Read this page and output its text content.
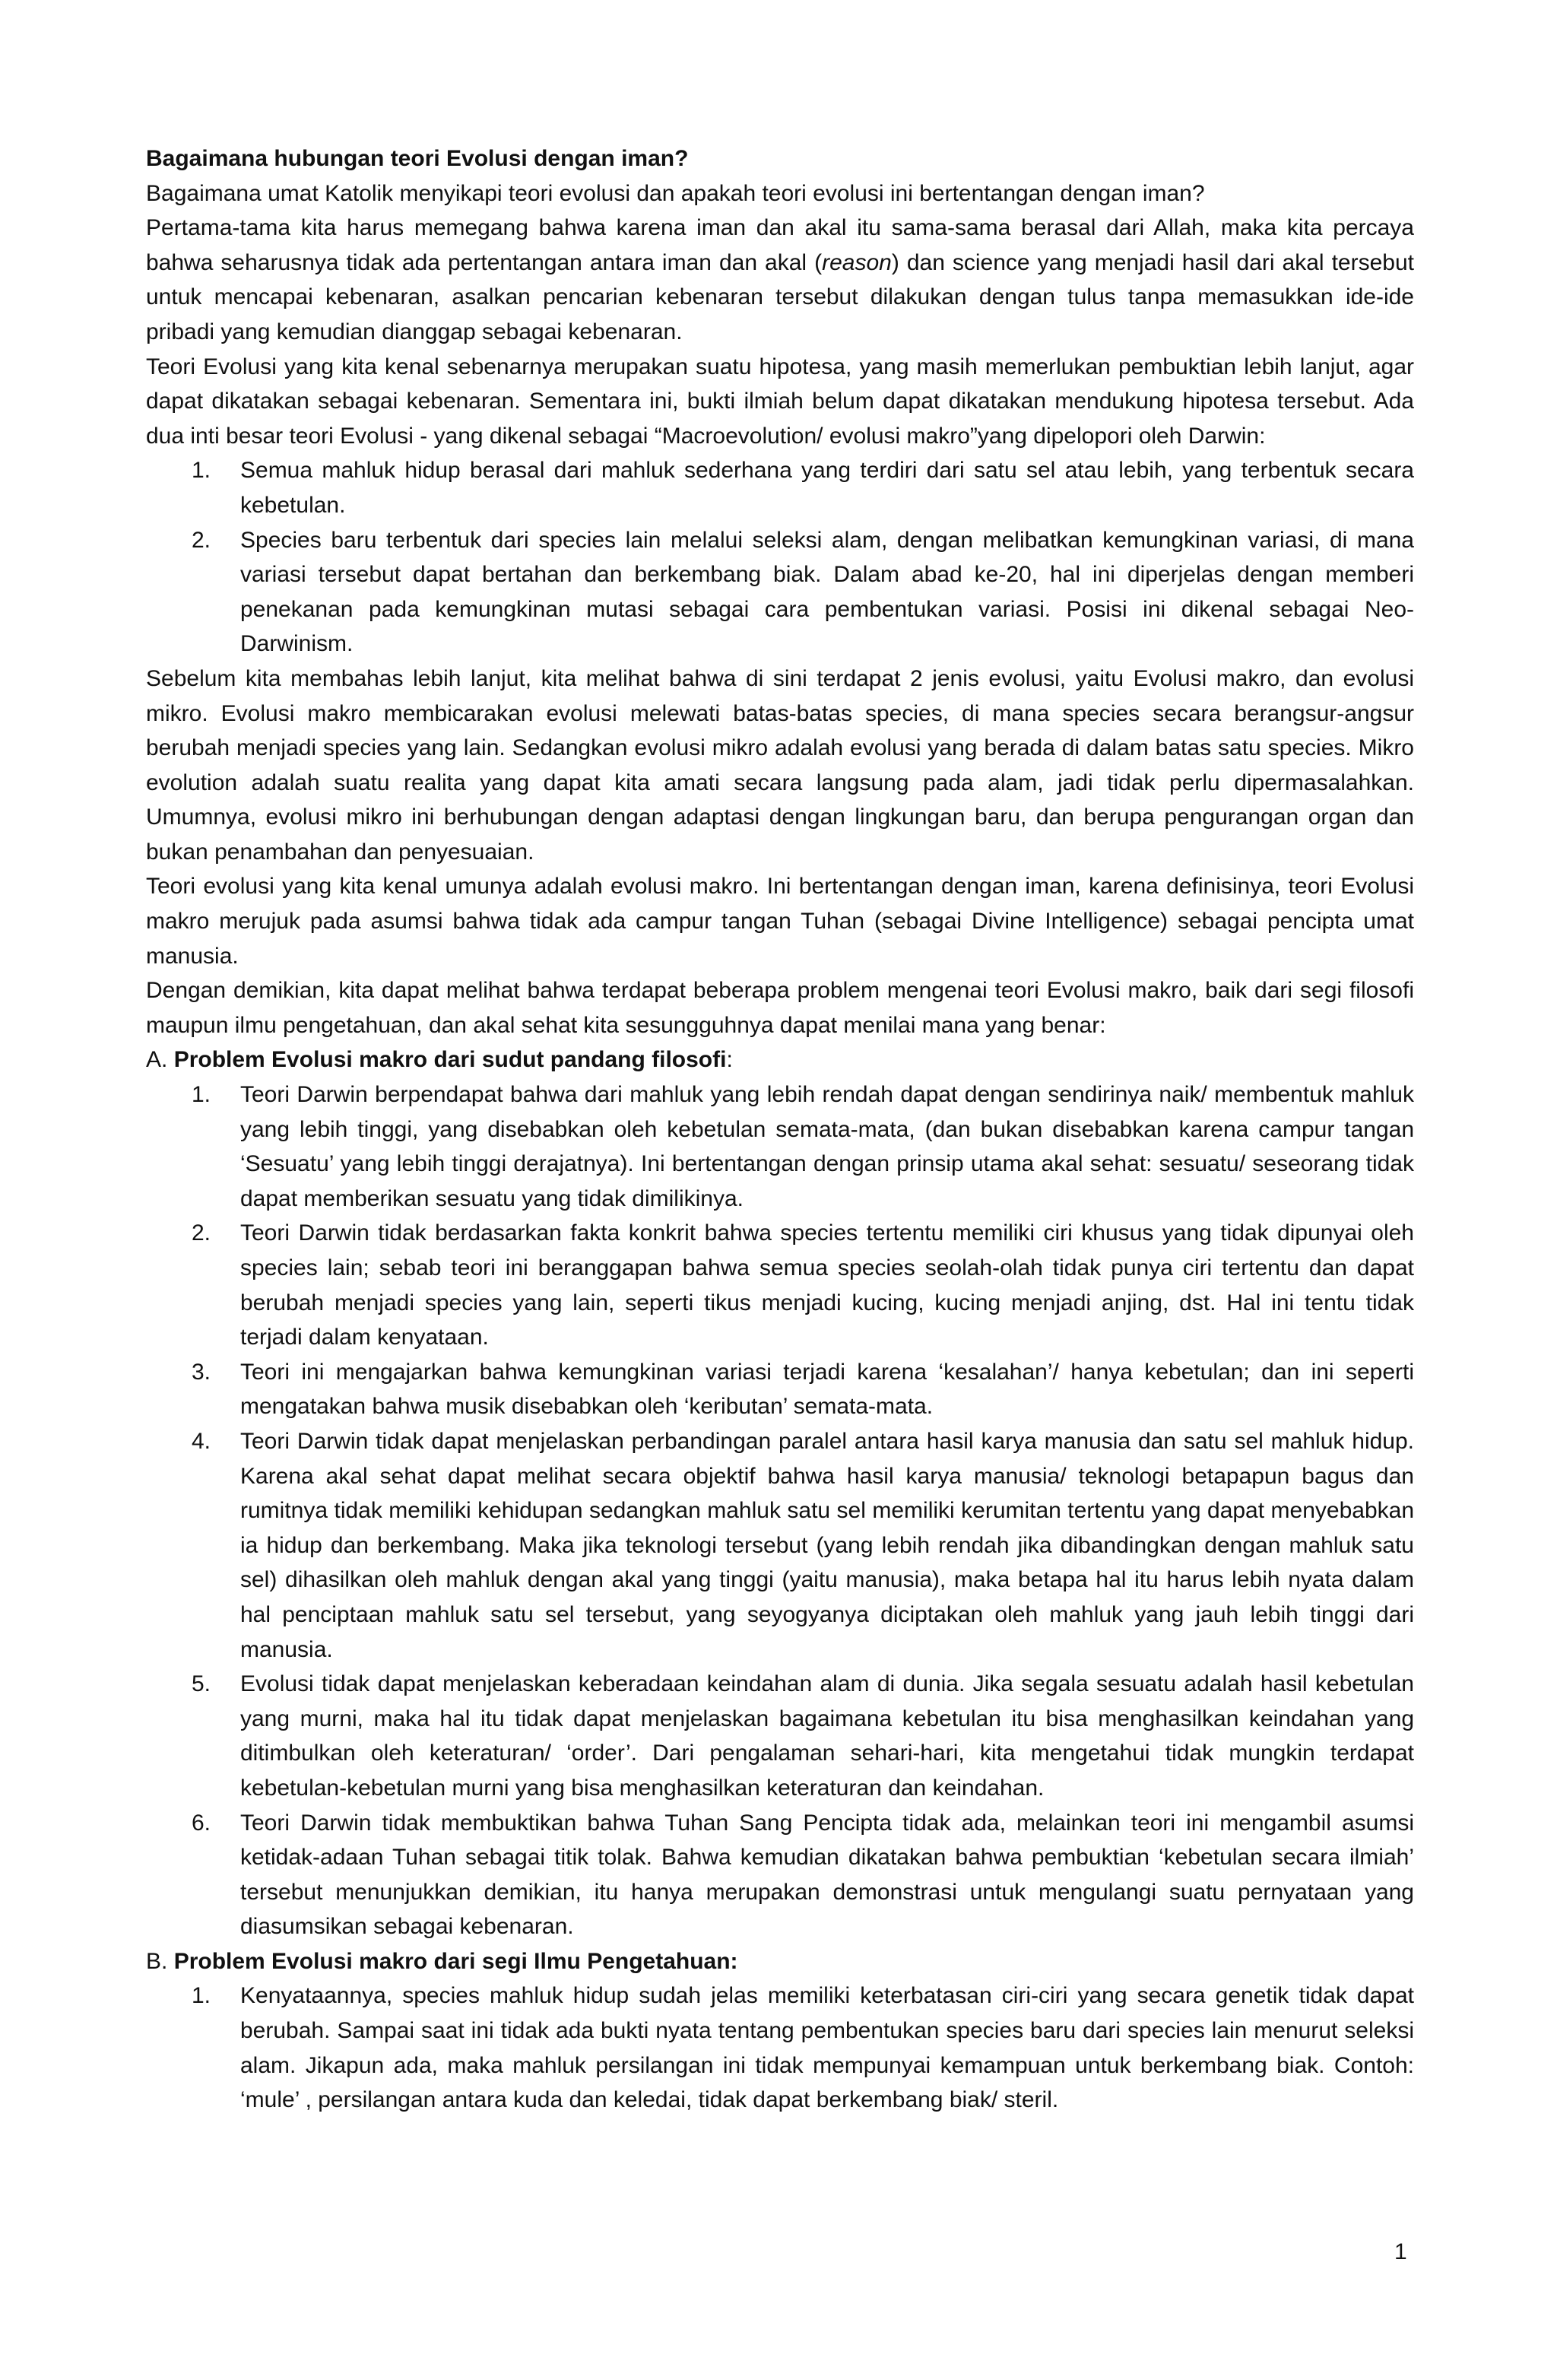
Bagaimana hubungan teori Evolusi dengan iman?

Bagaimana umat Katolik menyikapi teori evolusi dan apakah teori evolusi ini bertentangan dengan iman?

Pertama-tama kita harus memegang bahwa karena iman dan akal itu sama-sama berasal dari Allah, maka kita percaya bahwa seharusnya tidak ada pertentangan antara iman dan akal (reason) dan science yang menjadi hasil dari akal tersebut untuk mencapai kebenaran, asalkan pencarian kebenaran tersebut dilakukan dengan tulus tanpa memasukkan ide-ide pribadi yang kemudian dianggap sebagai kebenaran.

Teori Evolusi yang kita kenal sebenarnya merupakan suatu hipotesa, yang masih memerlukan pembuktian lebih lanjut, agar dapat dikatakan sebagai kebenaran. Sementara ini, bukti ilmiah belum dapat dikatakan mendukung hipotesa tersebut. Ada dua inti besar teori Evolusi - yang dikenal sebagai “Macroevolution/ evolusi makro”yang dipelopori oleh Darwin:

1. Semua mahluk hidup berasal dari mahluk sederhana yang terdiri dari satu sel atau lebih, yang terbentuk secara kebetulan.
2. Species baru terbentuk dari species lain melalui seleksi alam, dengan melibatkan kemungkinan variasi, di mana variasi tersebut dapat bertahan dan berkembang biak. Dalam abad ke-20, hal ini diperjelas dengan memberi penekanan pada kemungkinan mutasi sebagai cara pembentukan variasi. Posisi ini dikenal sebagai Neo- Darwinism.

Sebelum kita membahas lebih lanjut, kita melihat bahwa di sini terdapat 2 jenis evolusi, yaitu Evolusi makro, dan evolusi mikro. Evolusi makro membicarakan evolusi melewati batas-batas species, di mana species secara berangsur-angsur berubah menjadi species yang lain. Sedangkan evolusi mikro adalah evolusi yang berada di dalam batas satu species. Mikro evolution adalah suatu realita yang dapat kita amati secara langsung pada alam, jadi tidak perlu dipermasalahkan. Umumnya, evolusi mikro ini berhubungan dengan adaptasi dengan lingkungan baru, dan berupa pengurangan organ dan bukan penambahan dan penyesuaian.

Teori evolusi yang kita kenal umunya adalah evolusi makro. Ini bertentangan dengan iman, karena definisinya, teori Evolusi makro merujuk pada asumsi bahwa tidak ada campur tangan Tuhan (sebagai Divine Intelligence) sebagai pencipta umat manusia.

Dengan demikian, kita dapat melihat bahwa terdapat beberapa problem mengenai teori Evolusi makro, baik dari segi filosofi maupun ilmu pengetahuan, dan akal sehat kita sesungguhnya dapat menilai mana yang benar:

A. Problem Evolusi makro dari sudut pandang filosofi:

1. Teori Darwin berpendapat bahwa dari mahluk yang lebih rendah dapat dengan sendirinya naik/ membentuk mahluk yang lebih tinggi, yang disebabkan oleh kebetulan semata-mata, (dan bukan disebabkan karena campur tangan ‘Sesuatu’ yang lebih tinggi derajatnya). Ini bertentangan dengan prinsip utama akal sehat: sesuatu/ seseorang tidak dapat memberikan sesuatu yang tidak dimilikinya.
2. Teori Darwin tidak berdasarkan fakta konkrit bahwa species tertentu memiliki ciri khusus yang tidak dipunyai oleh species lain; sebab teori ini beranggapan bahwa semua species seolah-olah tidak punya ciri tertentu dan dapat berubah menjadi species yang lain, seperti tikus menjadi kucing, kucing menjadi anjing, dst. Hal ini tentu tidak terjadi dalam kenyataan.
3. Teori ini mengajarkan bahwa kemungkinan variasi terjadi karena ‘kesalahan’/ hanya kebetulan; dan ini seperti mengatakan bahwa musik disebabkan oleh ‘keributan’ semata-mata.
4. Teori Darwin tidak dapat menjelaskan perbandingan paralel antara hasil karya manusia dan satu sel mahluk hidup. Karena akal sehat dapat melihat secara objektif bahwa hasil karya manusia/ teknologi betapapun bagus dan rumitnya tidak memiliki kehidupan sedangkan mahluk satu sel memiliki kerumitan tertentu yang dapat menyebabkan ia hidup dan berkembang. Maka jika teknologi tersebut (yang lebih rendah jika dibandingkan dengan mahluk satu sel) dihasilkan oleh mahluk dengan akal yang tinggi (yaitu manusia), maka betapa hal itu harus lebih nyata dalam hal penciptaan mahluk satu sel tersebut, yang seyogyanya diciptakan oleh mahluk yang jauh lebih tinggi dari manusia.
5. Evolusi tidak dapat menjelaskan keberadaan keindahan alam di dunia. Jika segala sesuatu adalah hasil kebetulan yang murni, maka hal itu tidak dapat menjelaskan bagaimana kebetulan itu bisa menghasilkan keindahan yang ditimbulkan oleh keteraturan/ ‘order’. Dari pengalaman sehari-hari, kita mengetahui tidak mungkin terdapat kebetulan-kebetulan murni yang bisa menghasilkan keteraturan dan keindahan.
6. Teori Darwin tidak membuktikan bahwa Tuhan Sang Pencipta tidak ada, melainkan teori ini mengambil asumsi ketidak-adaan Tuhan sebagai titik tolak. Bahwa kemudian dikatakan bahwa pembuktian ‘kebetulan secara ilmiah’ tersebut menunjukkan demikian, itu hanya merupakan demonstrasi untuk mengulangi suatu pernyataan yang diasumsikan sebagai kebenaran.

B. Problem Evolusi makro dari segi Ilmu Pengetahuan:

1. Kenyataannya, species mahluk hidup sudah jelas memiliki keterbatasan ciri-ciri yang secara genetik tidak dapat berubah. Sampai saat ini tidak ada bukti nyata tentang pembentukan species baru dari species lain menurut seleksi alam. Jikapun ada, maka mahluk persilangan ini tidak mempunyai kemampuan untuk berkembang biak. Contoh: ‘mule’ , persilangan antara kuda dan keledai, tidak dapat berkembang biak/ steril.
1
